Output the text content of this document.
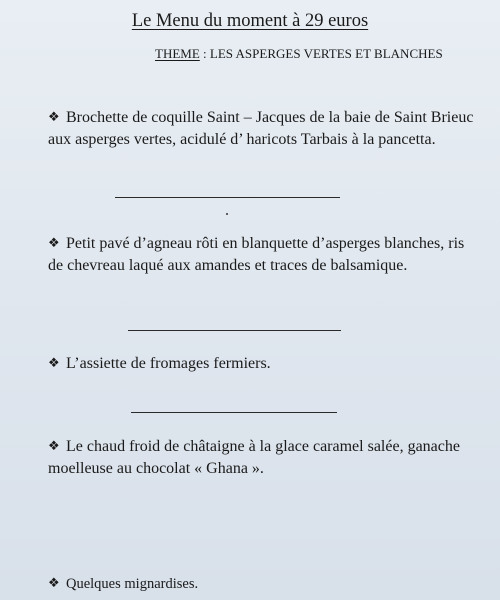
Le Menu du moment à 29 euros
THEME : LES ASPERGES VERTES ET BLANCHES
❖ Brochette de coquille Saint – Jacques de la baie de Saint Brieuc aux asperges vertes, acidulé d’ haricots Tarbais à la pancetta.
❖ Petit pavé d’agneau rôti en blanquette d’asperges blanches, ris de chevreau laqué aux amandes et traces de balsamique.
❖ L’assiette de fromages fermiers.
❖ Le chaud froid de châtaigne à la glace caramel salée, ganache moelleuse au chocolat « Ghana ».
❖ Quelques mignardises.
